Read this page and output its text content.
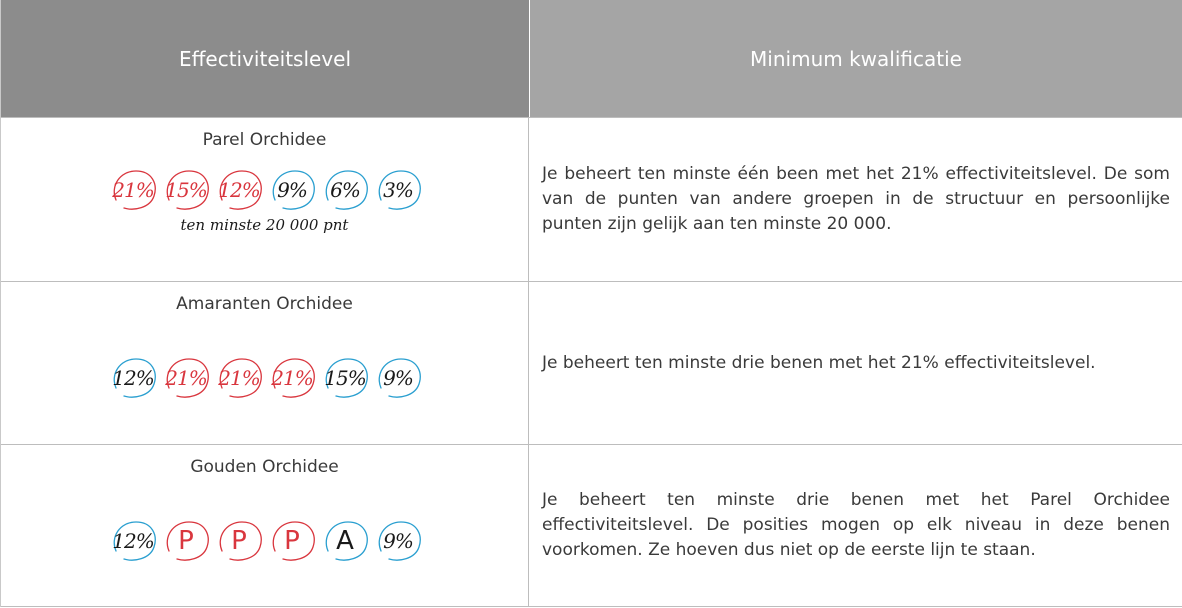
Effectiviteitslevel	Minimum kwalificatie
Parel Orchidee
21% 15% 12% 9%	6%	3%
ten minste 20 000 pnt

Je beheert ten minste één been met het 21% effectiviteitslevel. De som van de punten van andere groepen in de structuur en persoonlijke punten zijn gelijk aan ten minste 20 000.

Amaranten Orchidee
12% 21% 21% 21% 15% 9%

Je beheert ten minste drie benen met het 21% effectiviteitslevel.

Gouden Orchidee
12% P	P	P	A	9%

Je beheert ten minste drie benen met het Parel Orchidee effectiviteitslevel. De posities mogen op elk niveau in deze benen voorkomen. Ze hoeven dus niet op de eerste lijn te staan.
